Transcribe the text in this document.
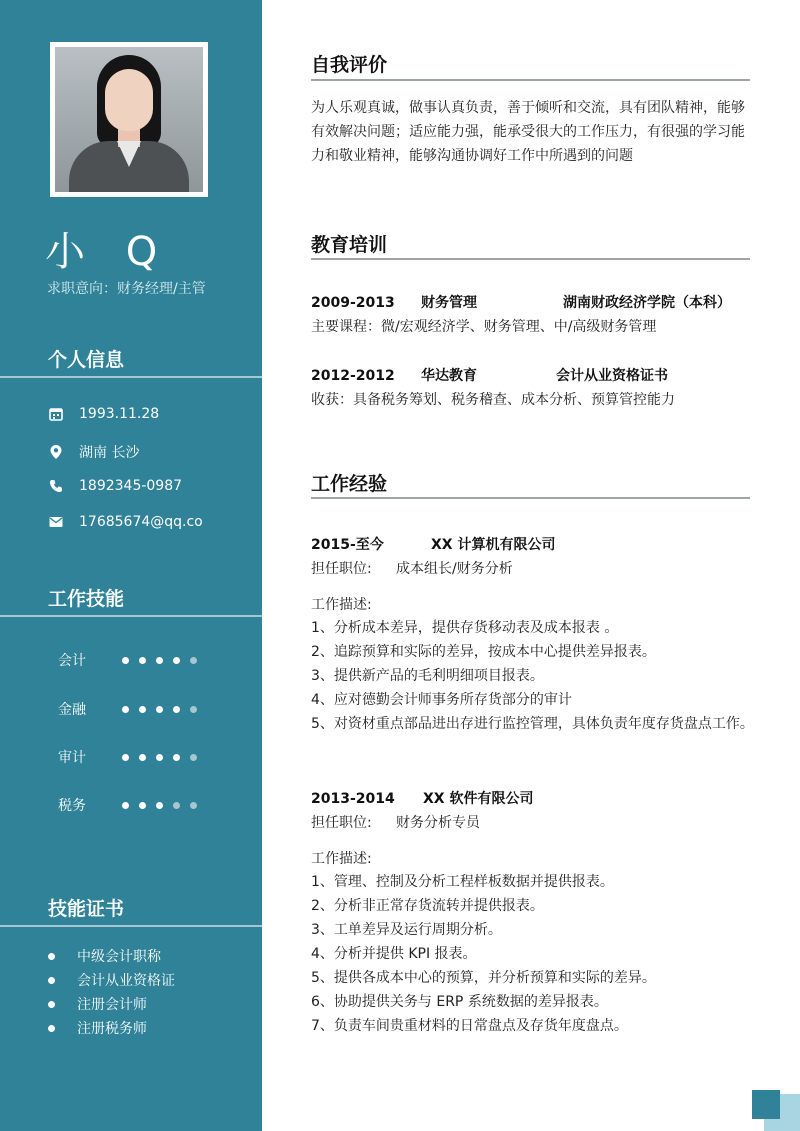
小 Q
求职意向：财务经理/主管
个人信息
1993.11.28
湖南 长沙
1892345-0987
17685674@qq.co
工作技能
会计
金融
审计
税务
技能证书
中级会计职称
会计从业资格证
注册会计师
注册税务师
自我评价
为人乐观真诚，做事认真负责，善于倾听和交流，具有团队精神，能够有效解决问题；适应能力强，能承受很大的工作压力，有很强的学习能力和敬业精神，能够沟通协调好工作中所遇到的问题
教育培训
2009-2013 财务管理	湖南财政经济学院（本科）
主要课程：微/宏观经济学、财务管理、中/高级财务管理
2012-2012 华达教育	会计从业资格证书
收获：具备税务筹划、税务稽查、成本分析、预算管控能力
工作经验
2015-至今	XX 计算机有限公司
担任职位: 成本组长/财务分析
工作描述:
1、分析成本差异，提供存货移动表及成本报表 。
2、追踪预算和实际的差异，按成本中心提供差异报表。
3、提供新产品的毛利明细项目报表。
4、应对德勤会计师事务所存货部分的审计
5、对资材重点部品进出存进行监控管理，具体负责年度存货盘点工作。
2013-2014 XX 软件有限公司
担任职位: 财务分析专员
工作描述:
1、管理、控制及分析工程样板数据并提供报表。
2、分析非正常存货流转并提供报表。
3、工单差异及运行周期分析。
4、分析并提供 KPI 报表。
5、提供各成本中心的预算，并分析预算和实际的差异。
6、协助提供关务与 ERP 系统数据的差异报表。
7、负责车间贵重材料的日常盘点及存货年度盘点。
